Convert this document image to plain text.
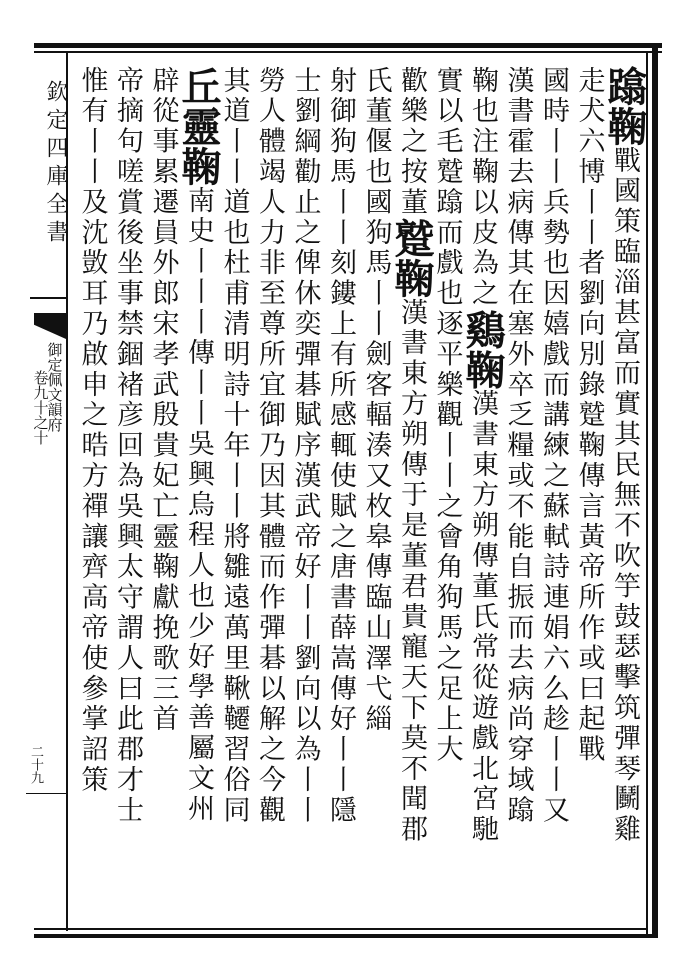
欽定四庫全書
御定佩文韻府
卷九十之十
二十九
蹹鞠戰國策臨淄甚富而實其民無不吹竽鼓瑟擊筑彈琴鬭雞
走犬六博丨丨者劉向別錄蹵鞠傳言黃帝所作或曰起戰
國時丨丨兵勢也因嬉戲而講練之蘇軾詩連娟六么趁丨丨又
漢書霍去病傳其在塞外卒乏糧或不能自振而去病尚穿域蹹
鞠也注鞠以皮為之鷄鞠漢書東方朔傳董氏常從遊戲北宮馳
實以毛蹵蹹而戲也逐平樂觀丨丨之會角狗馬之足上大
歡樂之按董蹵鞠漢書東方朔傳于是董君貴寵天下莫不聞郡
氏董偃也國狗馬丨丨劍客輻湊又枚皋傳臨山澤弋緇
射御狗馬丨丨刻鏤上有所感輒使賦之唐書薛嵩傳好丨丨隱
士劉綱勸止之俾休奕彈碁賦序漢武帝好丨丨劉向以為丨丨
勞人體竭人力非至尊所宜御乃因其體而作彈碁以解之今觀
其道丨丨道也杜甫清明詩十年丨丨將雛遠萬里鞦韆習俗同
丘靈鞠南史丨丨丨傳丨丨吳興烏程人也少好學善屬文州
辟從事累遷員外郎宋孝武殷貴妃亡靈鞠獻挽歌三首
帝摘句嗟賞後坐事禁錮褚彦回為吳興太守謂人曰此郡才士
惟有丨丨及沈敳耳乃啟申之晧方禪讓齊高帝使參掌詔策
